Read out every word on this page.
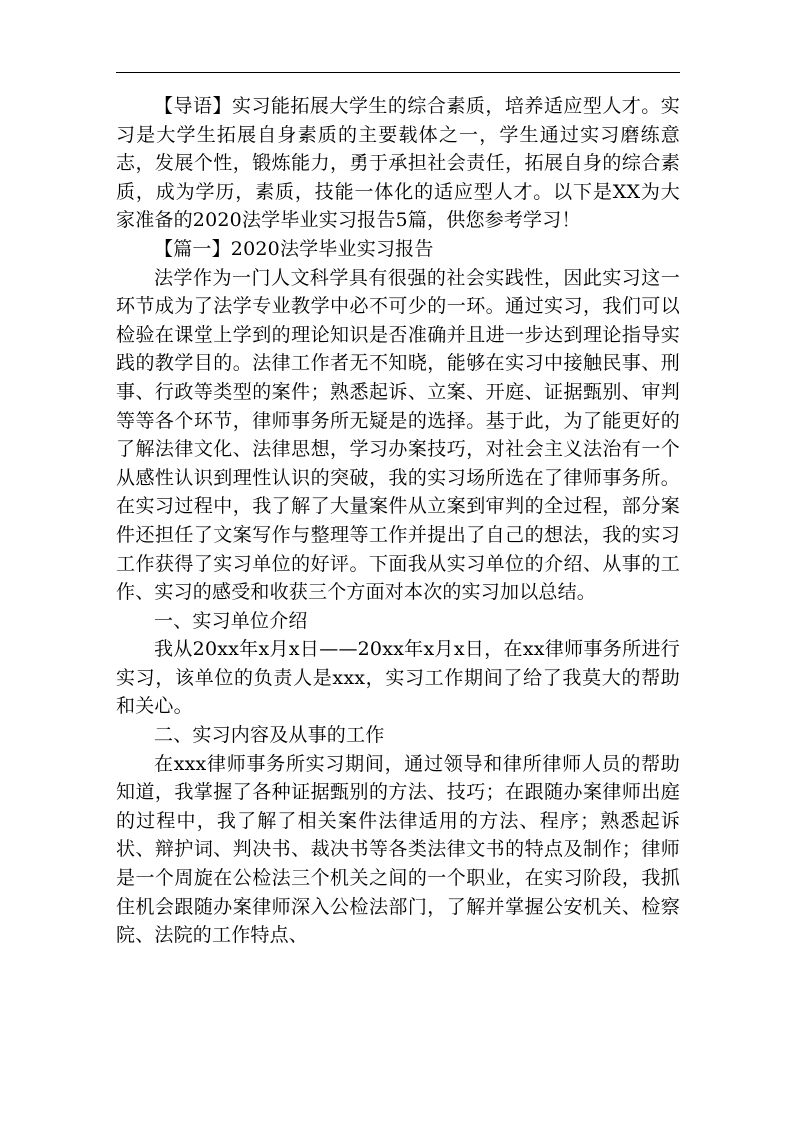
【导语】实习能拓展大学生的综合素质，培养适应型人才。实习是大学生拓展自身素质的主要载体之一，学生通过实习磨练意志，发展个性，锻炼能力，勇于承担社会责任，拓展自身的综合素质，成为学历，素质，技能一体化的适应型人才。以下是XX为大家准备的2020法学毕业实习报告5篇，供您参考学习！

【篇一】2020法学毕业实习报告

法学作为一门人文科学具有很强的社会实践性，因此实习这一环节成为了法学专业教学中必不可少的一环。通过实习，我们可以检验在课堂上学到的理论知识是否准确并且进一步达到理论指导实践的教学目的。法律工作者无不知晓，能够在实习中接触民事、刑事、行政等类型的案件；熟悉起诉、立案、开庭、证据甄别、审判等等各个环节，律师事务所无疑是的选择。基于此，为了能更好的了解法律文化、法律思想，学习办案技巧，对社会主义法治有一个从感性认识到理性认识的突破，我的实习场所选在了律师事务所。在实习过程中，我了解了大量案件从立案到审判的全过程，部分案件还担任了文案写作与整理等工作并提出了自己的想法，我的实习工作获得了实习单位的好评。下面我从实习单位的介绍、从事的工作、实习的感受和收获三个方面对本次的实习加以总结。

一、实习单位介绍

我从20xx年x月x日——20xx年x月x日，在xx律师事务所进行实习，该单位的负责人是xxx，实习工作期间了给了我莫大的帮助和关心。

二、实习内容及从事的工作

在xxx律师事务所实习期间，通过领导和律所律师人员的帮助知道，我掌握了各种证据甄别的方法、技巧；在跟随办案律师出庭的过程中，我了解了相关案件法律适用的方法、程序；熟悉起诉状、辩护词、判决书、裁决书等各类法律文书的特点及制作；律师是一个周旋在公检法三个机关之间的一个职业，在实习阶段，我抓住机会跟随办案律师深入公检法部门，了解并掌握公安机关、检察院、法院的工作特点、
